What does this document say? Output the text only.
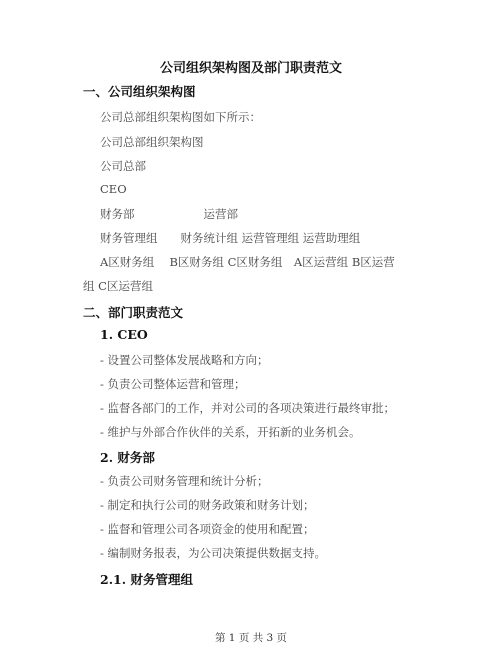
公司组织架构图及部门职责范文
一、公司组织架构图
公司总部组织架构图如下所示：
公司总部组织架构图
公司总部
CEO
财务部　　　　　　运营部
财务管理组　　财务统计组 运营管理组 运营助理组
A区财务组　 B区财务组 C区财务组　A区运营组 B区运营
组 C区运营组
二、部门职责范文
1. CEO
- 设置公司整体发展战略和方向；
- 负责公司整体运营和管理；
- 监督各部门的工作，并对公司的各项决策进行最终审批；
- 维护与外部合作伙伴的关系，开拓新的业务机会。
2. 财务部
- 负责公司财务管理和统计分析；
- 制定和执行公司的财务政策和财务计划；
- 监督和管理公司各项资金的使用和配置；
- 编制财务报表，为公司决策提供数据支持。
2.1. 财务管理组
第 1 页 共 3 页
